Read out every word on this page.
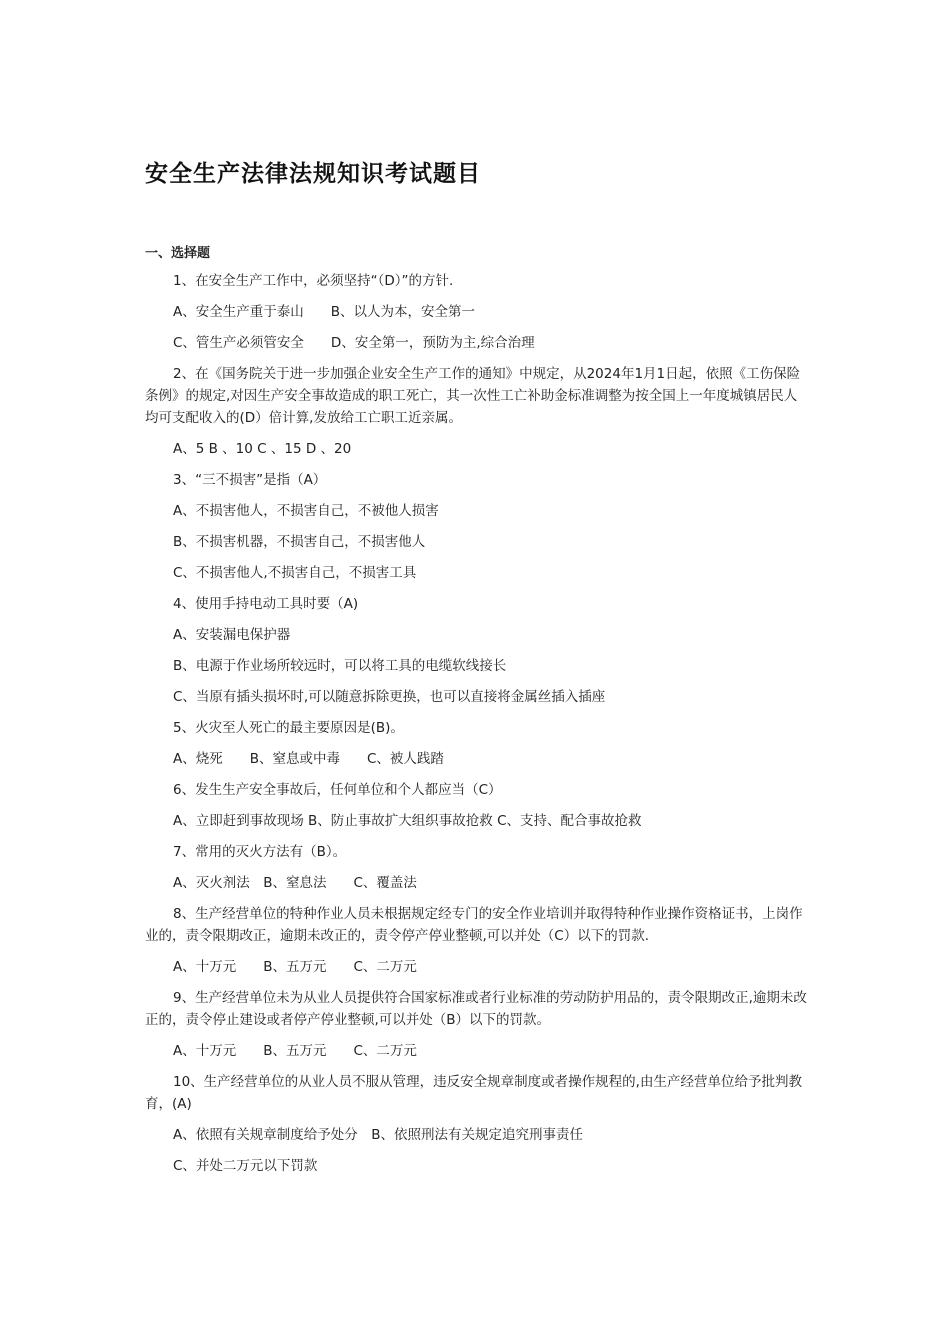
安全生产法律法规知识考试题目
一、选择题

1、在安全生产工作中，必须坚持“（D）”的方针.

A、安全生产重于泰山　　B、以人为本，安全第一

C、管生产必须管安全　　D、安全第一，预防为主,综合治理

2、在《国务院关于进一步加强企业安全生产工作的通知》中规定，从2024年1月1日起，依照《工伤保险条例》的规定,对因生产安全事故造成的职工死亡，其一次性工亡补助金标准调整为按全国上一年度城镇居民人均可支配收入的(D）倍计算,发放给工亡职工近亲属。

A、5 B 、10 C 、15 D 、20

3、“三不损害”是指（A）

A、不损害他人，不损害自己，不被他人损害

B、不损害机器，不损害自己，不损害他人

C、不损害他人,不损害自己，不损害工具

4、使用手持电动工具时要（A)

A、安装漏电保护器

B、电源于作业场所较远时，可以将工具的电缆软线接长

C、当原有插头损坏时,可以随意拆除更换，也可以直接将金属丝插入插座

5、火灾至人死亡的最主要原因是(B)。

A、烧死　　B、窒息或中毒　　C、被人践踏

6、发生生产安全事故后，任何单位和个人都应当（C）

A、立即赶到事故现场 B、防止事故扩大组织事故抢救 C、支持、配合事故抢救

7、常用的灭火方法有（B）。

A、灭火剂法　B、窒息法　　C、覆盖法

8、生产经营单位的特种作业人员未根据规定经专门的安全作业培训并取得特种作业操作资格证书，上岗作业的，责令限期改正，逾期未改正的，责令停产停业整顿,可以并处（C）以下的罚款.

A、十万元　　B、五万元　　C、二万元

9、生产经营单位未为从业人员提供符合国家标准或者行业标准的劳动防护用品的，责令限期改正,逾期未改正的，责令停止建设或者停产停业整顿,可以并处（B）以下的罚款。

A、十万元　　B、五万元　　C、二万元

10、生产经营单位的从业人员不服从管理，违反安全规章制度或者操作规程的,由生产经营单位给予批判教育，(A)

A、依照有关规章制度给予处分　B、依照刑法有关规定追究刑事责任

C、并处二万元以下罚款
